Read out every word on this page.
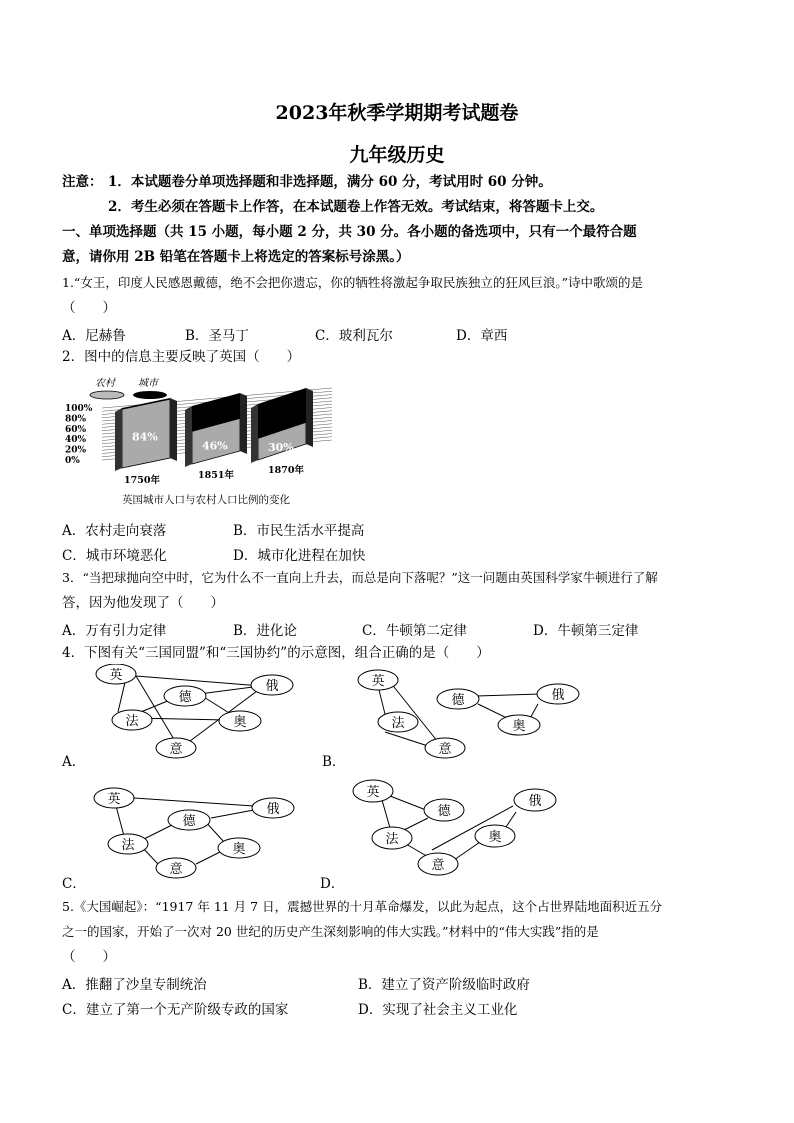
2023年秋季学期期考试题卷
九年级历史
注意： 1．本试题卷分单项选择题和非选择题，满分 60 分，考试用时 60 分钟。
2．考生必须在答题卡上作答，在本试题卷上作答无效。考试结束，将答题卡上交。
一、单项选择题（共 15 小题，每小题 2 分，共 30 分。各小题的备选项中，只有一个最符合题
意，请你用 2B 铅笔在答题卡上将选定的答案标号涂黑。）
1.“女王，印度人民感恩戴德，绝不会把你遗忘，你的牺牲将激起争取民族独立的狂风巨浪。”诗中歌颂的是
（　　）
A．尼赫鲁	B．圣马丁	C．玻利瓦尔	D．章西
2．图中的信息主要反映了英国（　　）
农村 城市
100%
80%
60%
40%
20%
0%
84%
1750年
46%
1851年
30%
1870年
英国城市人口与农村人口比例的变化
A．农村走向衰落	B．市民生活水平提高
C．城市环境恶化	D．城市化进程在加快
3．“当把球抛向空中时，它为什么不一直向上升去，而总是向下落呢？”这一问题由英国科学家牛顿进行了解
答，因为他发现了（　　）
A．万有引力定律	B．进化论	C．牛顿第二定律	D．牛顿第三定律
4．下图有关“三国同盟”和“三国协约”的示意图，组合正确的是（　　）
英
德
俄
法	奥
意
A．
英
德	俄
法	奥
意
B．
英
德
俄
法	奥
意
C．
英
德
俄
法	奥
意
D．
5.《大国崛起》：“1917 年 11 月 7 日，震撼世界的十月革命爆发，以此为起点，这个占世界陆地面积近五分
之一的国家，开始了一次对 20 世纪的历史产生深刻影响的伟大实践。”材料中的“伟大实践”指的是
（　　）
A．推翻了沙皇专制统治	B．建立了资产阶级临时政府
C．建立了第一个无产阶级专政的国家	D．实现了社会主义工业化
